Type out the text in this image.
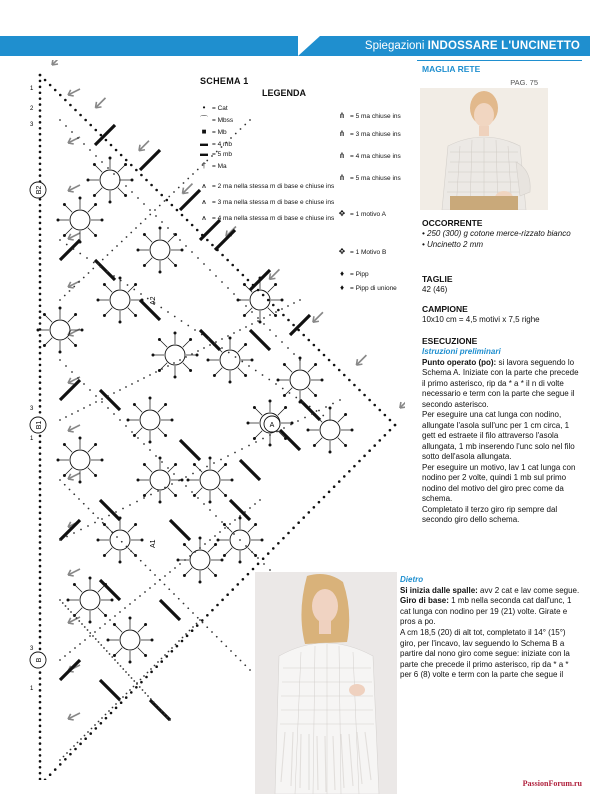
Spiegazioni INDOSSARE L'UNCINETTO
B2
B1
B
A
A2
A1
3
2
1
3
1
3
1
SCHEMA 1
LEGENDA
MAGLIA RETE
PAG. 75
OCCORRENTE
• 250 (300) g cotone merce-rizzato bianco
• Uncinetto 2 mm
TAGLIE
42 (46)
CAMPIONE
10x10 cm = 4,5 motivi x 7,5 righe
ESECUZIONE
Istruzioni preliminari
Punto operato (po): si lavora seguendo lo Schema A. Iniziate con la parte che precede il primo asterisco, rip da * a * il n di volte necessario e term con la parte che segue il secondo asterisco.
Per eseguire una cat lunga con nodino, allungate l'asola sull'unc per 1 cm circa, 1 gett ed estraete il filo attraverso l'asola allungata, 1 mb inserendo l'unc solo nel filo sotto dell'asola allungata.
Per eseguire un motivo, lav 1 cat lunga con nodino per 2 volte, quindi 1 mb sul primo nodino del motivo del giro prec come da schema.
Completato il terzo giro rip sempre dal secondo giro dello schema.

Dietro

Si inizia dalle spalle: avv 2 cat e lav come segue.

Giro di base: 1 mb nella seconda cat dall'unc, 1 cat lunga con nodino per 19 (21) volte. Girate e pros a po.

A cm 18,5 (20) di alt tot, completato il 14° (15°) giro, per l'incavo, lav seguendo lo Schema B a partire dal nono giro come segue: iniziate con la parte che precede il primo asterisco, rip da * a * per 6 (8) volte e term con la parte che segue il

PassionForum.ru
• = Cat
⌒ = Mbss
■ = Mb
▬ = 4 mb
▬ = 5 mb
† = Ma
⩚ = 2 ma nella stessa m di base e chiuse ins
⩚ = 3 ma nella stessa m di base e chiuse ins
⩚ = 4 ma nella stessa m di base e chiuse ins
⋔ = 5 ma chiuse ins
⋔ = 3 ma chiuse ins
⋔ = 4 ma chiuse ins
⋔ = 5 ma chiuse ins
✥ = 1 motivo A
✥ = 1 Motivo B
♦ = Pipp
♦ = Pipp di unione
